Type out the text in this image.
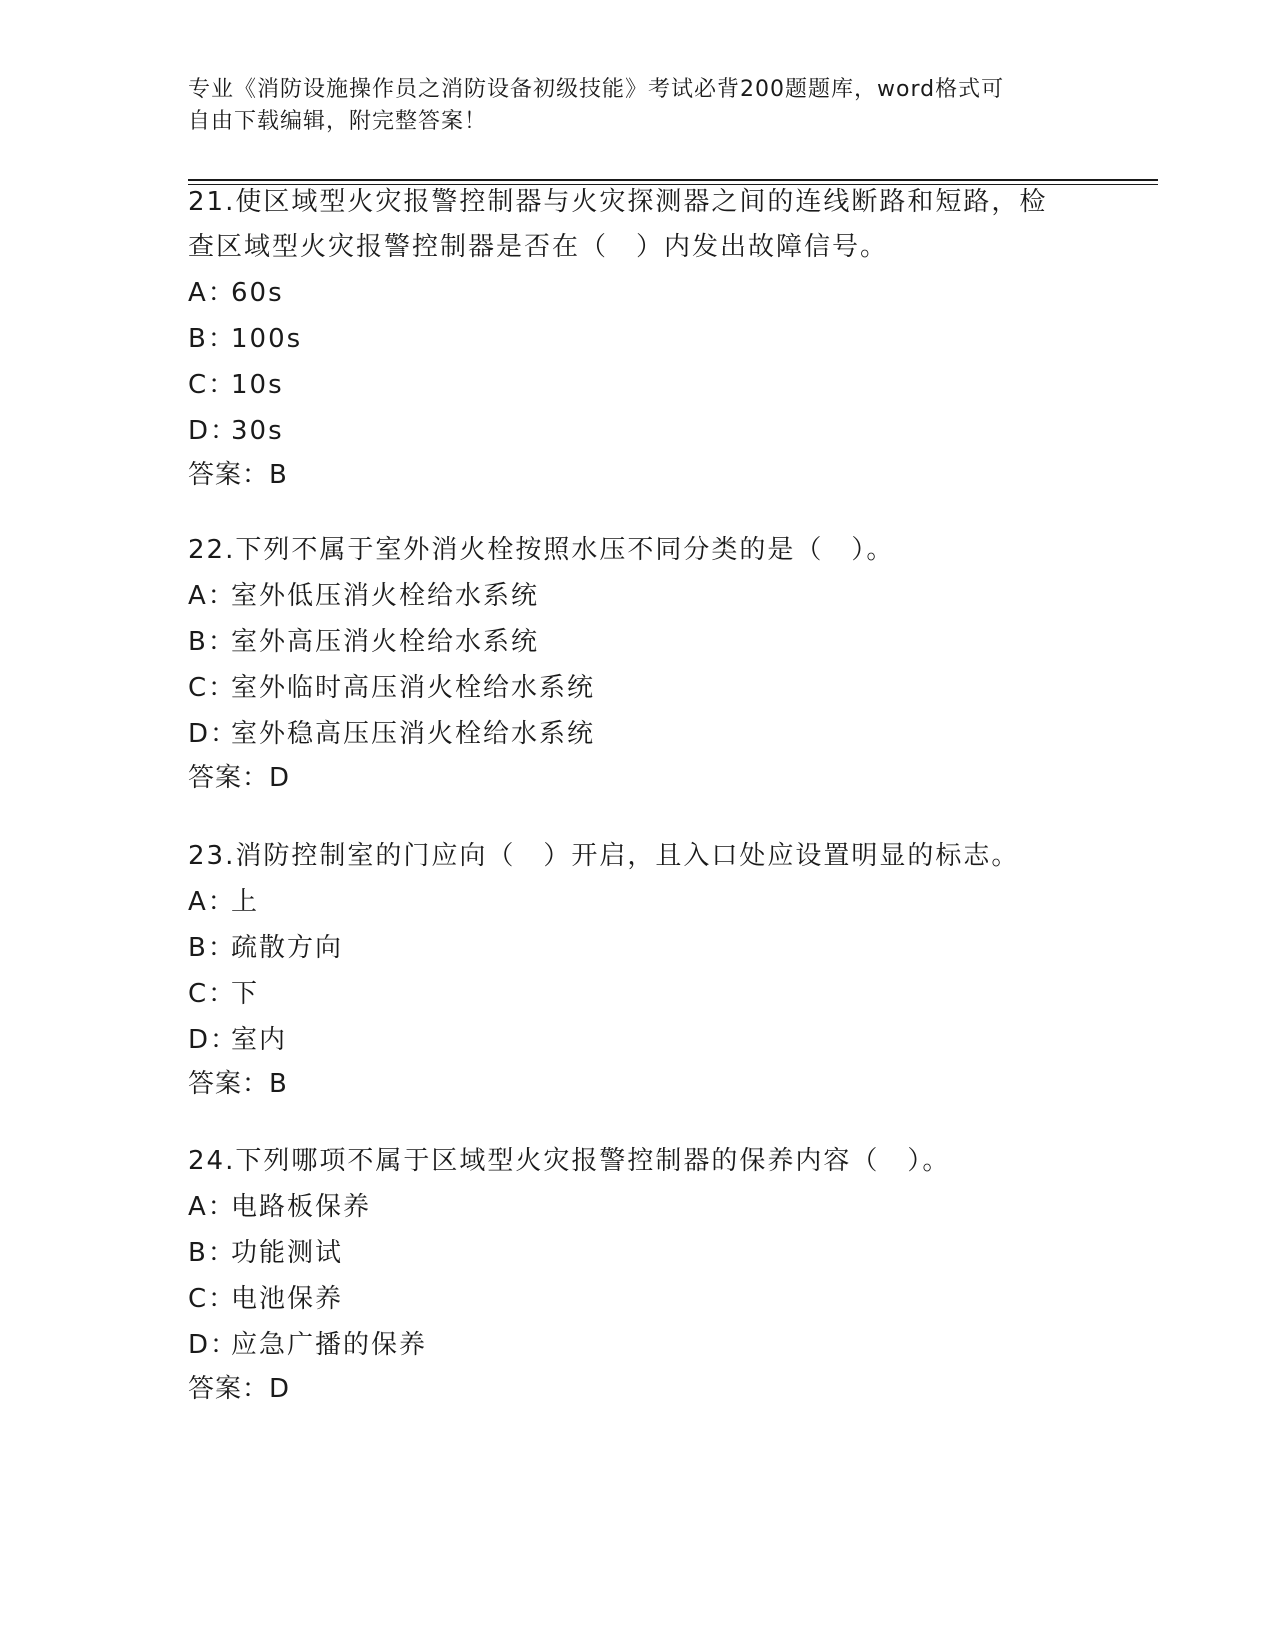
专业《消防设施操作员之消防设备初级技能》考试必背200题题库，word格式可
自由下载编辑，附完整答案！
21.使区域型火灾报警控制器与火灾探测器之间的连线断路和短路，检
查区域型火灾报警控制器是否在（　）内发出故障信号。
A：60s
B：100s
C：10s
D：30s
答案：B
22.下列不属于室外消火栓按照水压不同分类的是（　）。
A：室外低压消火栓给水系统
B：室外高压消火栓给水系统
C：室外临时高压消火栓给水系统
D：室外稳高压压消火栓给水系统
答案：D
23.消防控制室的门应向（　）开启，且入口处应设置明显的标志。
A：上
B：疏散方向
C：下
D：室内
答案：B
24.下列哪项不属于区域型火灾报警控制器的保养内容（　）。
A：电路板保养
B：功能测试
C：电池保养
D：应急广播的保养
答案：D
